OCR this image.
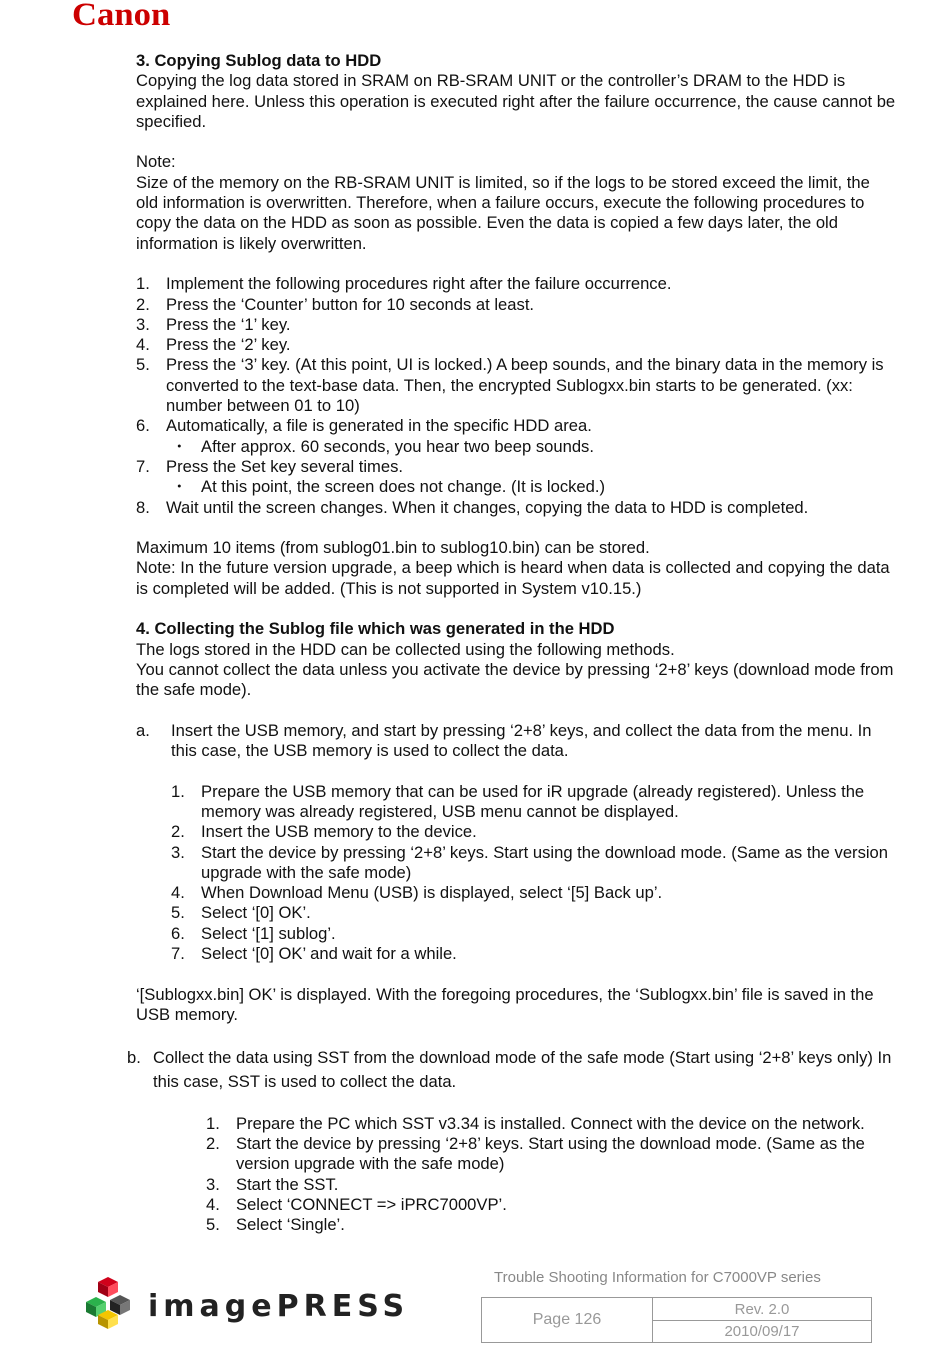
Canon

3. Copying Sublog data to HDD

Copying the log data stored in SRAM on RB-SRAM UNIT or the controller’s DRAM to the HDD is explained here. Unless this operation is executed right after the failure occurrence, the cause cannot be specified.

Note:

Size of the memory on the RB-SRAM UNIT is limited, so if the logs to be stored exceed the limit, the old information is overwritten. Therefore, when a failure occurs, execute the following procedures to copy the data on the HDD as soon as possible. Even the data is copied a few days later, the old information is likely overwritten.

1. Implement the following procedures right after the failure occurrence.
2. Press the ‘Counter’ button for 10 seconds at least.
3. Press the ‘1’ key.
4. Press the ‘2’ key.
5. Press the ‘3’ key. (At this point, UI is locked.) A beep sounds, and the binary data in the memory is converted to the text-base data. Then, the encrypted Sublogxx.bin starts to be generated. (xx: number between 01 to 10)
6. Automatically, a file is generated in the specific HDD area.
・ After approx. 60 seconds, you hear two beep sounds.
7. Press the Set key several times.
・ At this point, the screen does not change. (It is locked.)
8. Wait until the screen changes. When it changes, copying the data to HDD is completed.

Maximum 10 items (from sublog01.bin to sublog10.bin) can be stored.

Note: In the future version upgrade, a beep which is heard when data is collected and copying the data is completed will be added. (This is not supported in System v10.15.)

4. Collecting the Sublog file which was generated in the HDD

The logs stored in the HDD can be collected using the following methods.

You cannot collect the data unless you activate the device by pressing ‘2+8’ keys (download mode from the safe mode).

a. Insert the USB memory, and start by pressing ‘2+8’ keys, and collect the data from the menu. In this case, the USB memory is used to collect the data.
1. Prepare the USB memory that can be used for iR upgrade (already registered). Unless the memory was already registered, USB menu cannot be displayed.
2. Insert the USB memory to the device.
3. Start the device by pressing ‘2+8’ keys. Start using the download mode. (Same as the version upgrade with the safe mode)
4. When Download Menu (USB) is displayed, select ‘[5] Back up’.
5. Select ‘[0] OK’.
6. Select ‘[1] sublog’.
7. Select ‘[0] OK’ and wait for a while.

‘[Sublogxx.bin] OK’ is displayed. With the foregoing procedures, the ‘Sublogxx.bin’ file is saved in the USB memory.

b. Collect the data using SST from the download mode of the safe mode (Start using ‘2+8’ keys only) In this case, SST is used to collect the data.
1. Prepare the PC which SST v3.34 is installed. Connect with the device on the network.
2. Start the device by pressing ‘2+8’ keys. Start using the download mode. (Same as the version upgrade with the safe mode)
3. Start the SST.
4. Select ‘CONNECT => iPRC7000VP’.
5. Select ‘Single’.
imagePRESS
Trouble Shooting Information for C7000VP series
Page 126
Rev. 2.0
2010/09/17
